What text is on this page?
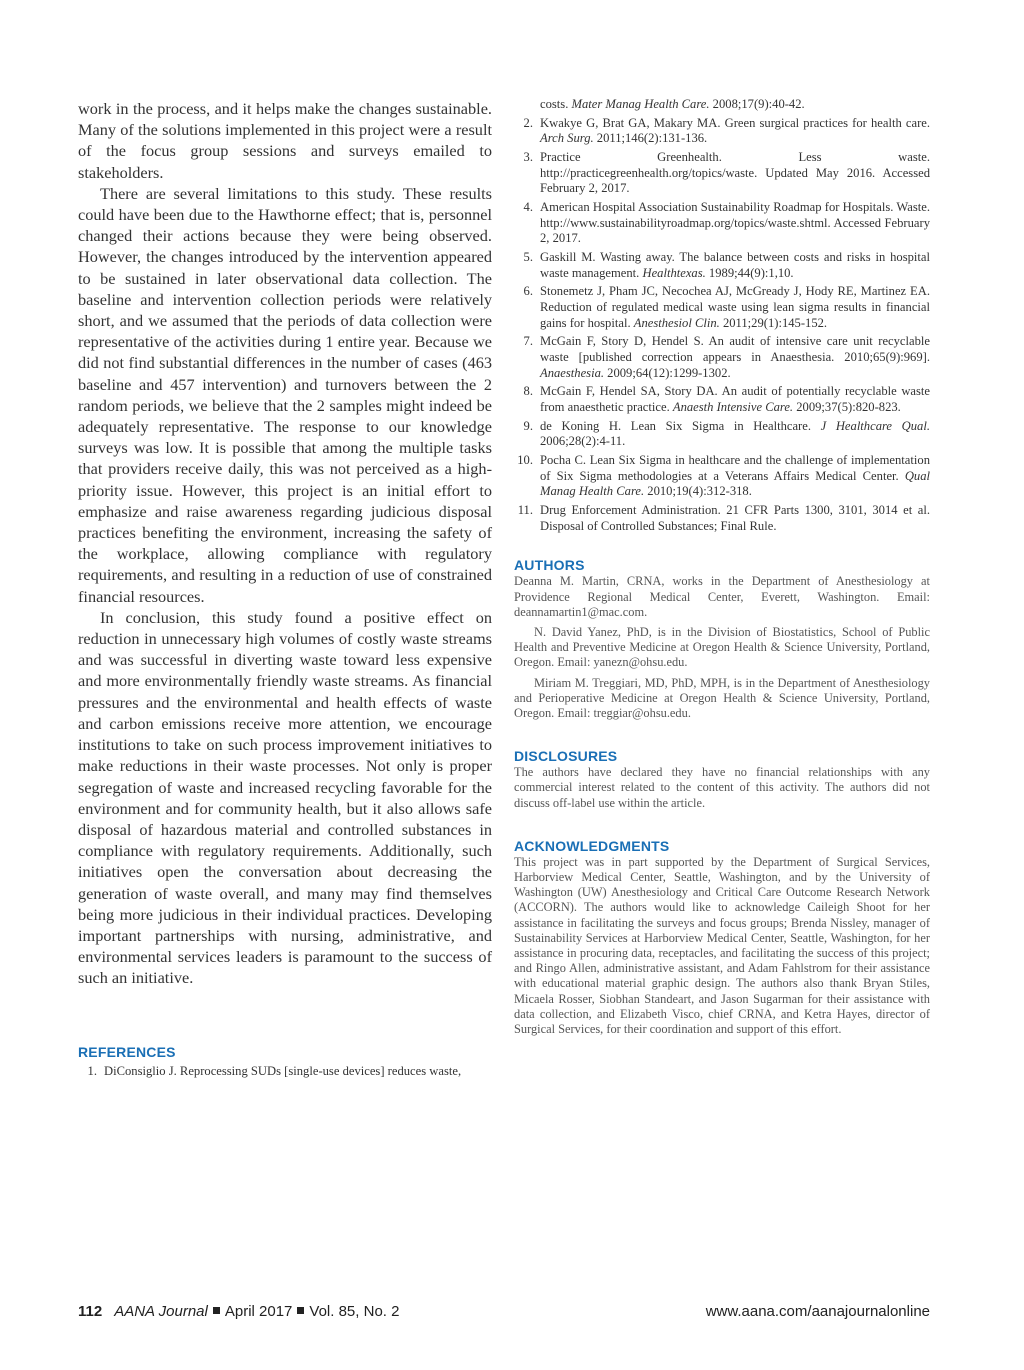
work in the process, and it helps make the changes sustainable. Many of the solutions implemented in this project were a result of the focus group sessions and surveys emailed to stakeholders.

There are several limitations to this study. These results could have been due to the Hawthorne effect; that is, personnel changed their actions because they were being observed. However, the changes introduced by the intervention appeared to be sustained in later observational data collection. The baseline and intervention collection periods were relatively short, and we assumed that the periods of data collection were representative of the activities during 1 entire year. Because we did not find substantial differences in the number of cases (463 baseline and 457 intervention) and turnovers between the 2 random periods, we believe that the 2 samples might indeed be adequately representative. The response to our knowledge surveys was low. It is possible that among the multiple tasks that providers receive daily, this was not perceived as a high-priority issue. However, this project is an initial effort to emphasize and raise awareness regarding judicious disposal practices benefiting the environment, increasing the safety of the workplace, allowing compliance with regulatory requirements, and resulting in a reduction of use of constrained financial resources.

In conclusion, this study found a positive effect on reduction in unnecessary high volumes of costly waste streams and was successful in diverting waste toward less expensive and more environmentally friendly waste streams. As financial pressures and the environmental and health effects of waste and carbon emissions receive more attention, we encourage institutions to take on such process improvement initiatives to make reductions in their waste processes. Not only is proper segregation of waste and increased recycling favorable for the environment and for community health, but it also allows safe disposal of hazardous material and controlled substances in compliance with regulatory requirements. Additionally, such initiatives open the conversation about decreasing the generation of waste overall, and many may find themselves being more judicious in their individual practices. Developing important partnerships with nursing, administrative, and environmental services leaders is paramount to the success of such an initiative.

REFERENCES
1. DiConsiglio J. Reprocessing SUDs [single-use devices] reduces waste,
costs. Mater Manag Health Care. 2008;17(9):40-42.
2. Kwakye G, Brat GA, Makary MA. Green surgical practices for health care. Arch Surg. 2011;146(2):131-136.
3. Practice Greenhealth. Less waste. http://practicegreenhealth.org/topics/waste. Updated May 2016. Accessed February 2, 2017.
4. American Hospital Association Sustainability Roadmap for Hospitals. Waste. http://www.sustainabilityroadmap.org/topics/waste.shtml. Accessed February 2, 2017.
5. Gaskill M. Wasting away. The balance between costs and risks in hospital waste management. Healthtexas. 1989;44(9):1,10.
6. Stonemetz J, Pham JC, Necochea AJ, McGready J, Hody RE, Martinez EA. Reduction of regulated medical waste using lean sigma results in financial gains for hospital. Anesthesiol Clin. 2011;29(1):145-152.
7. McGain F, Story D, Hendel S. An audit of intensive care unit recyclable waste [published correction appears in Anaesthesia. 2010;65(9):969]. Anaesthesia. 2009;64(12):1299-1302.
8. McGain F, Hendel SA, Story DA. An audit of potentially recyclable waste from anaesthetic practice. Anaesth Intensive Care. 2009;37(5):820-823.
9. de Koning H. Lean Six Sigma in Healthcare. J Healthcare Qual. 2006;28(2):4-11.
10. Pocha C. Lean Six Sigma in healthcare and the challenge of implementation of Six Sigma methodologies at a Veterans Affairs Medical Center. Qual Manag Health Care. 2010;19(4):312-318.
11. Drug Enforcement Administration. 21 CFR Parts 1300, 3101, 3014 et al. Disposal of Controlled Substances; Final Rule.
AUTHORS

Deanna M. Martin, CRNA, works in the Department of Anesthesiology at Providence Regional Medical Center, Everett, Washington. Email: deannamartin1@mac.com.

N. David Yanez, PhD, is in the Division of Biostatistics, School of Public Health and Preventive Medicine at Oregon Health & Science University, Portland, Oregon. Email: yanezn@ohsu.edu.

Miriam M. Treggiari, MD, PhD, MPH, is in the Department of Anesthesiology and Perioperative Medicine at Oregon Health & Science University, Portland, Oregon. Email: treggiar@ohsu.edu.

DISCLOSURES

The authors have declared they have no financial relationships with any commercial interest related to the content of this activity. The authors did not discuss off-label use within the article.

ACKNOWLEDGMENTS

This project was in part supported by the Department of Surgical Services, Harborview Medical Center, Seattle, Washington, and by the University of Washington (UW) Anesthesiology and Critical Care Outcome Research Network (ACCORN). The authors would like to acknowledge Caileigh Shoot for her assistance in facilitating the surveys and focus groups; Brenda Nissley, manager of Sustainability Services at Harborview Medical Center, Seattle, Washington, for her assistance in procuring data, receptacles, and facilitating the success of this project; and Ringo Allen, administrative assistant, and Adam Fahlstrom for their assistance with educational material graphic design. The authors also thank Bryan Stiles, Micaela Rosser, Siobhan Standeart, and Jason Sugarman for their assistance with data collection, and Elizabeth Visco, chief CRNA, and Ketra Hayes, director of Surgical Services, for their coordination and support of this effort.

112 AANA Journal April 2017 Vol. 85, No. 2	www.aana.com/aanajournalonline
